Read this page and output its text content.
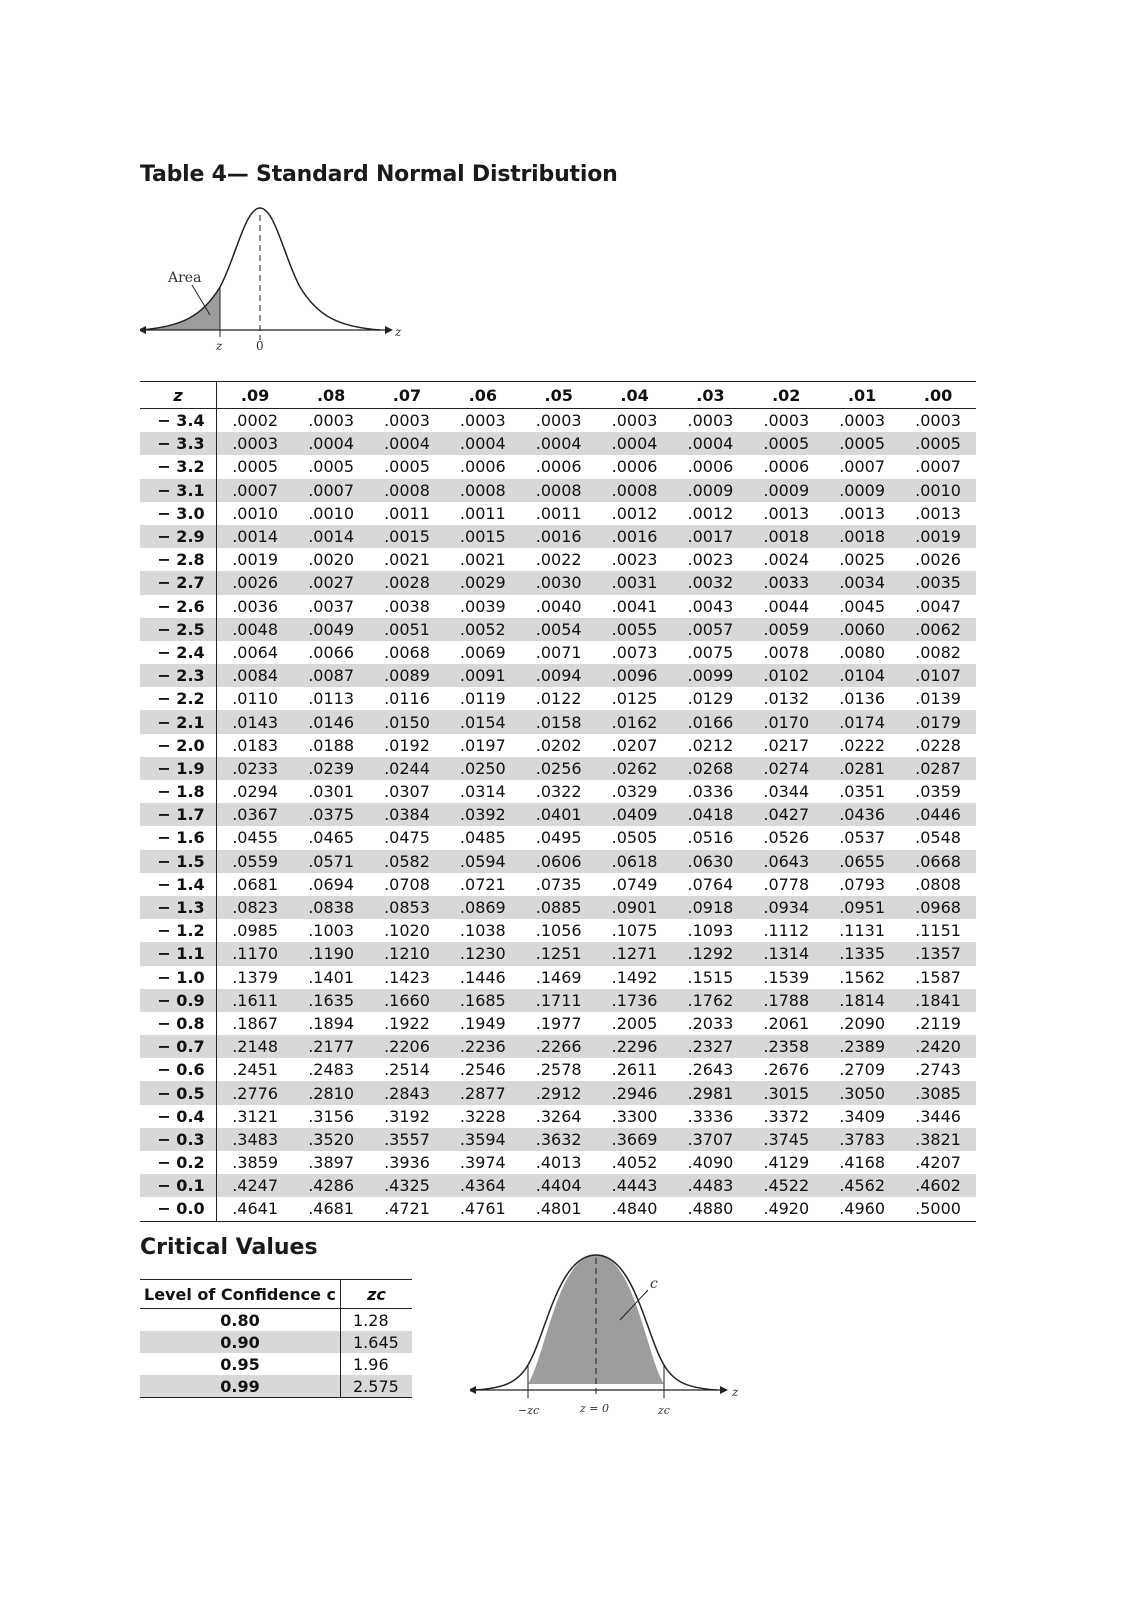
Table 4— Standard Normal Distribution
Area
z	0
z
z	.09	.08	.07	.06	.05	.04	.03	.02	.01	.00
− 3.4	.0002	.0003	.0003	.0003	.0003	.0003	.0003	.0003	.0003	.0003
− 3.3	.0003	.0004	.0004	.0004	.0004	.0004	.0004	.0005	.0005	.0005
− 3.2	.0005	.0005	.0005	.0006	.0006	.0006	.0006	.0006	.0007	.0007
− 3.1	.0007	.0007	.0008	.0008	.0008	.0008	.0009	.0009	.0009	.0010
− 3.0	.0010	.0010	.0011	.0011	.0011	.0012	.0012	.0013	.0013	.0013
− 2.9	.0014	.0014	.0015	.0015	.0016	.0016	.0017	.0018	.0018	.0019
− 2.8	.0019	.0020	.0021	.0021	.0022	.0023	.0023	.0024	.0025	.0026
− 2.7	.0026	.0027	.0028	.0029	.0030	.0031	.0032	.0033	.0034	.0035
− 2.6	.0036	.0037	.0038	.0039	.0040	.0041	.0043	.0044	.0045	.0047
− 2.5	.0048	.0049	.0051	.0052	.0054	.0055	.0057	.0059	.0060	.0062
− 2.4	.0064	.0066	.0068	.0069	.0071	.0073	.0075	.0078	.0080	.0082
− 2.3	.0084	.0087	.0089	.0091	.0094	.0096	.0099	.0102	.0104	.0107
− 2.2	.0110	.0113	.0116	.0119	.0122	.0125	.0129	.0132	.0136	.0139
− 2.1	.0143	.0146	.0150	.0154	.0158	.0162	.0166	.0170	.0174	.0179
− 2.0	.0183	.0188	.0192	.0197	.0202	.0207	.0212	.0217	.0222	.0228
− 1.9	.0233	.0239	.0244	.0250	.0256	.0262	.0268	.0274	.0281	.0287
− 1.8	.0294	.0301	.0307	.0314	.0322	.0329	.0336	.0344	.0351	.0359
− 1.7	.0367	.0375	.0384	.0392	.0401	.0409	.0418	.0427	.0436	.0446
− 1.6	.0455	.0465	.0475	.0485	.0495	.0505	.0516	.0526	.0537	.0548
− 1.5	.0559	.0571	.0582	.0594	.0606	.0618	.0630	.0643	.0655	.0668
− 1.4	.0681	.0694	.0708	.0721	.0735	.0749	.0764	.0778	.0793	.0808
− 1.3	.0823	.0838	.0853	.0869	.0885	.0901	.0918	.0934	.0951	.0968
− 1.2	.0985	.1003	.1020	.1038	.1056	.1075	.1093	.1112	.1131	.1151
− 1.1	.1170	.1190	.1210	.1230	.1251	.1271	.1292	.1314	.1335	.1357
− 1.0	.1379	.1401	.1423	.1446	.1469	.1492	.1515	.1539	.1562	.1587
− 0.9	.1611	.1635	.1660	.1685	.1711	.1736	.1762	.1788	.1814	.1841
− 0.8	.1867	.1894	.1922	.1949	.1977	.2005	.2033	.2061	.2090	.2119
− 0.7	.2148	.2177	.2206	.2236	.2266	.2296	.2327	.2358	.2389	.2420
− 0.6	.2451	.2483	.2514	.2546	.2578	.2611	.2643	.2676	.2709	.2743
− 0.5	.2776	.2810	.2843	.2877	.2912	.2946	.2981	.3015	.3050	.3085
− 0.4	.3121	.3156	.3192	.3228	.3264	.3300	.3336	.3372	.3409	.3446
− 0.3	.3483	.3520	.3557	.3594	.3632	.3669	.3707	.3745	.3783	.3821
− 0.2	.3859	.3897	.3936	.3974	.4013	.4052	.4090	.4129	.4168	.4207
− 0.1	.4247	.4286	.4325	.4364	.4404	.4443	.4483	.4522	.4562	.4602
− 0.0	.4641	.4681	.4721	.4761	.4801	.4840	.4880	.4920	.4960	.5000
Critical Values
Level of Confidence c	zc
0.80	1.28
0.90	1.645
0.95	1.96
0.99	2.575
c
−zc	z = 0	zc
z
